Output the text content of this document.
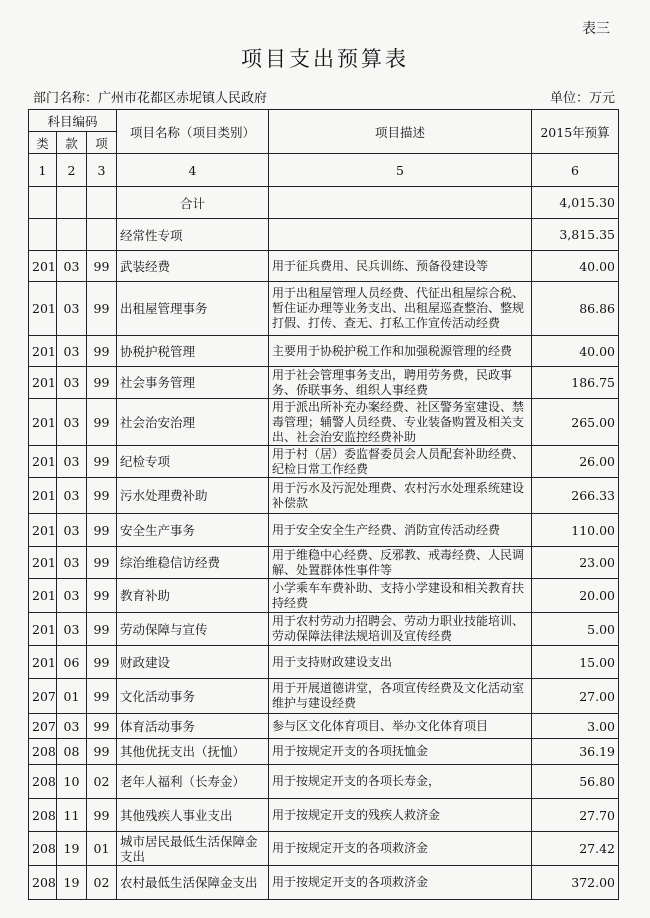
表三
项目支出预算表
部门名称：广州市花都区赤坭镇人民政府	单位：万元
科目编码			项目名称（项目类别）	项目描述	2015年预算
类	款	项			
1	2	3	4	5	6
			合计		4,015.30
			经常性专项		3,815.35
201	03	99	武装经费	用于征兵费用、民兵训练、预备役建设等	40.00
201	03	99	出租屋管理事务	用于出租屋管理人员经费、代征出租屋综合税、暂住证办理等业务支出、出租屋巡查整治、整规打假、打传、查无、打私工作宣传活动经费	86.86
201	03	99	协税护税管理	主要用于协税护税工作和加强税源管理的经费	40.00
201	03	99	社会事务管理	用于社会管理事务支出，聘用劳务费，民政事务、侨联事务、组织人事经费	186.75
201	03	99	社会治安治理	用于派出所补充办案经费、社区警务室建设、禁毒管理；辅警人员经费、专业装备购置及相关支出、社会治安监控经费补助	265.00
201	03	99	纪检专项	用于村（居）委监督委员会人员配套补助经费、纪检日常工作经费	26.00
201	03	99	污水处理费补助	用于污水及污泥处理费、农村污水处理系统建设补偿款	266.33
201	03	99	安全生产事务	用于安全安全生产经费、消防宣传活动经费	110.00
201	03	99	综治维稳信访经费	用于维稳中心经费、反邪教、戒毒经费、人民调解、处置群体性事件等	23.00
201	03	99	教育补助	小学乘车车费补助、支持小学建设和相关教育扶持经费	20.00
201	03	99	劳动保障与宣传	用于农村劳动力招聘会、劳动力职业技能培训、劳动保障法律法规培训及宣传经费	5.00
201	06	99	财政建设	用于支持财政建设支出	15.00
207	01	99	文化活动事务	用于开展道德讲堂，各项宣传经费及文化活动室维护与建设经费	27.00
207	03	99	体育活动事务	参与区文化体育项目、举办文化体育项目	3.00
208	08	99	其他优抚支出（抚恤）	用于按规定开支的各项抚恤金	36.19
208	10	02	老年人福利（长寿金）	用于按规定开支的各项长寿金，	56.80
208	11	99	其他残疾人事业支出	用于按规定开支的残疾人救济金	27.70
208	19	01	城市居民最低生活保障金支出	用于按规定开支的各项救济金	27.42
208	19	02	农村最低生活保障金支出	用于按规定开支的各项救济金	372.00
